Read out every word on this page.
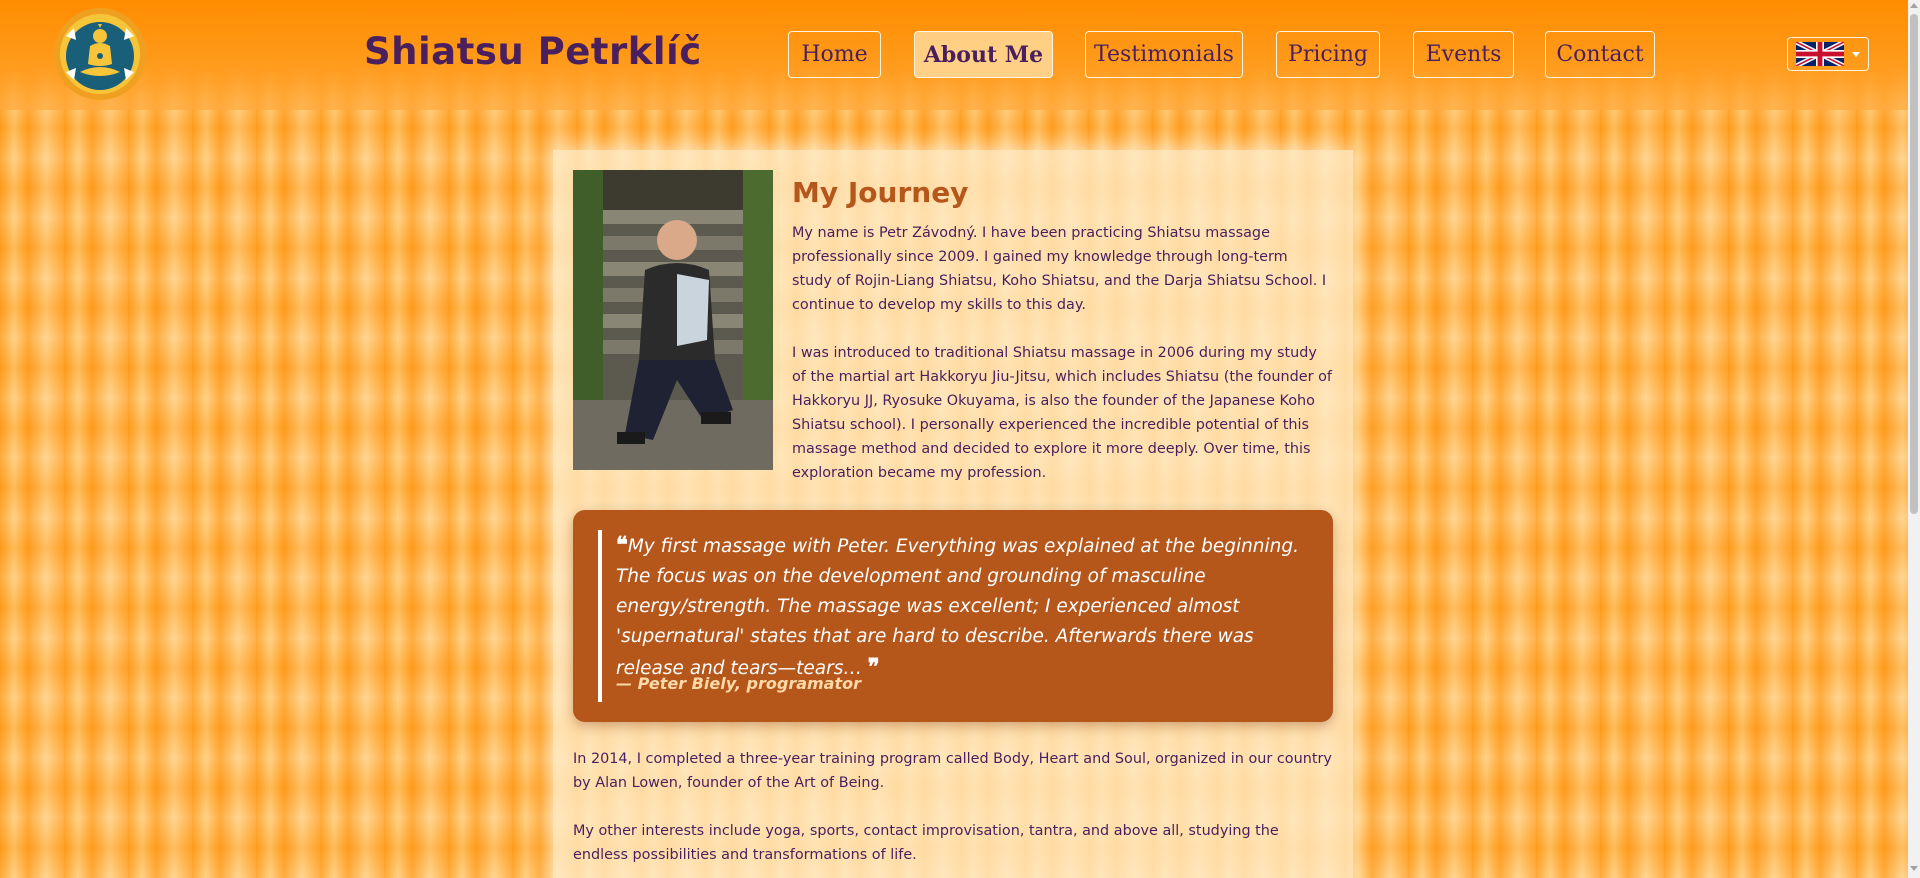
Shiatsu Petrklíč	Home	About Me	Testimonials	Pricing	Events	Contact
My Journey

My name is Petr Závodný. I have been practicing Shiatsu massage professionally since 2009. I gained my knowledge through long-term study of Rojin-Liang Shiatsu, Koho Shiatsu, and the Darja Shiatsu School. I continue to develop my skills to this day.

I was introduced to traditional Shiatsu massage in 2006 during my study of the martial art Hakkoryu Jiu-Jitsu, which includes Shiatsu (the founder of Hakkoryu JJ, Ryosuke Okuyama, is also the founder of the Japanese Koho Shiatsu school). I personally experienced the incredible potential of this massage method and decided to explore it more deeply. Over time, this exploration became my profession.

❝My first massage with Peter. Everything was explained at the beginning. The focus was on the development and grounding of masculine energy/strength. The massage was excellent; I experienced almost 'supernatural' states that are hard to describe. Afterwards there was release and tears—tears… ❞

— Peter Biely, programator

In 2014, I completed a three-year training program called Body, Heart and Soul, organized in our country by Alan Lowen, founder of the Art of Being.

My other interests include yoga, sports, contact improvisation, tantra, and above all, studying the endless possibilities and transformations of life.
